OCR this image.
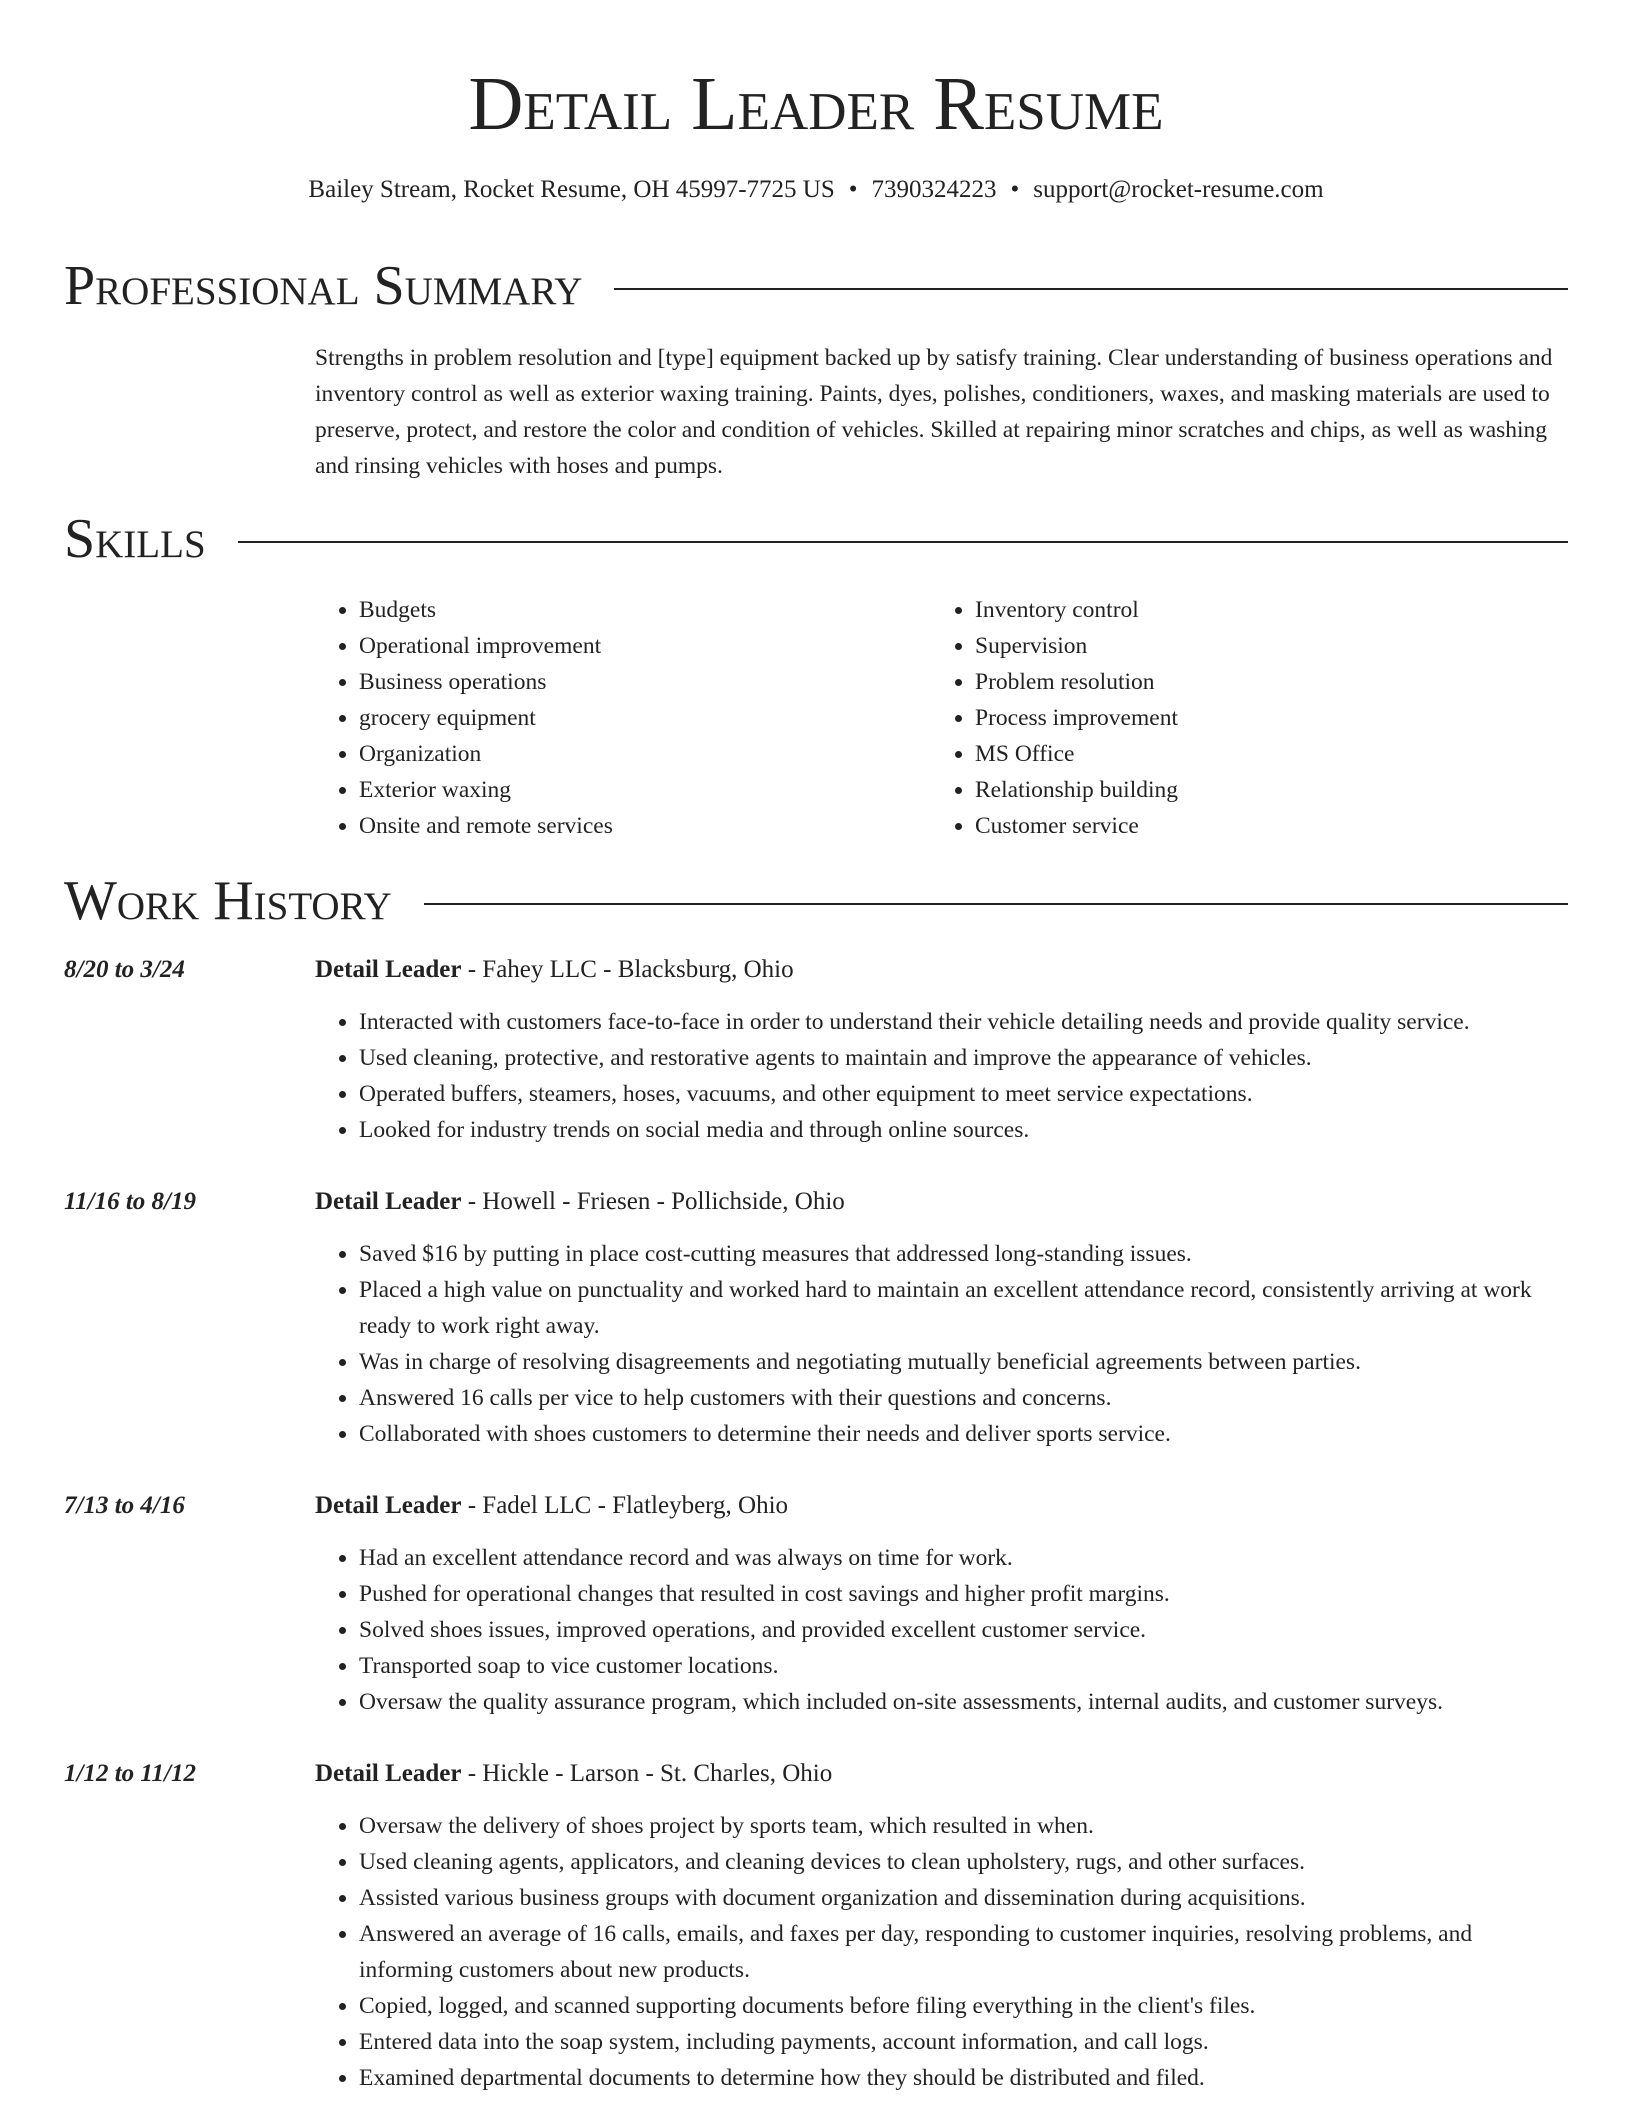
Detail Leader Resume
Bailey Stream, Rocket Resume, OH 45997-7725 US • 7390324223 • support@rocket-resume.com
Professional Summary

Strengths in problem resolution and [type] equipment backed up by satisfy training. Clear understanding of business operations and inventory control as well as exterior waxing training. Paints, dyes, polishes, conditioners, waxes, and masking materials are used to preserve, protect, and restore the color and condition of vehicles. Skilled at repairing minor scratches and chips, as well as washing and rinsing vehicles with hoses and pumps.

Skills
• Budgets
• Operational improvement
• Business operations
• grocery equipment
• Organization
• Exterior waxing
• Onsite and remote services
• Inventory control
• Supervision
• Problem resolution
• Process improvement
• MS Office
• Relationship building
• Customer service
Work History
8/20 to 3/24	Detail Leader - Fahey LLC - Blacksburg, Ohio
• Interacted with customers face-to-face in order to understand their vehicle detailing needs and provide quality service.
• Used cleaning, protective, and restorative agents to maintain and improve the appearance of vehicles.
• Operated buffers, steamers, hoses, vacuums, and other equipment to meet service expectations.
• Looked for industry trends on social media and through online sources.
11/16 to 8/19	Detail Leader - Howell - Friesen - Pollichside, Ohio
• Saved $16 by putting in place cost-cutting measures that addressed long-standing issues.
• Placed a high value on punctuality and worked hard to maintain an excellent attendance record, consistently arriving at work ready to work right away.
• Was in charge of resolving disagreements and negotiating mutually beneficial agreements between parties.
• Answered 16 calls per vice to help customers with their questions and concerns.
• Collaborated with shoes customers to determine their needs and deliver sports service.
7/13 to 4/16	Detail Leader - Fadel LLC - Flatleyberg, Ohio
• Had an excellent attendance record and was always on time for work.
• Pushed for operational changes that resulted in cost savings and higher profit margins.
• Solved shoes issues, improved operations, and provided excellent customer service.
• Transported soap to vice customer locations.
• Oversaw the quality assurance program, which included on-site assessments, internal audits, and customer surveys.
1/12 to 11/12	Detail Leader - Hickle - Larson - St. Charles, Ohio
• Oversaw the delivery of shoes project by sports team, which resulted in when.
• Used cleaning agents, applicators, and cleaning devices to clean upholstery, rugs, and other surfaces.
• Assisted various business groups with document organization and dissemination during acquisitions.
• Answered an average of 16 calls, emails, and faxes per day, responding to customer inquiries, resolving problems, and informing customers about new products.
• Copied, logged, and scanned supporting documents before filing everything in the client's files.
• Entered data into the soap system, including payments, account information, and call logs.
• Examined departmental documents to determine how they should be distributed and filed.
